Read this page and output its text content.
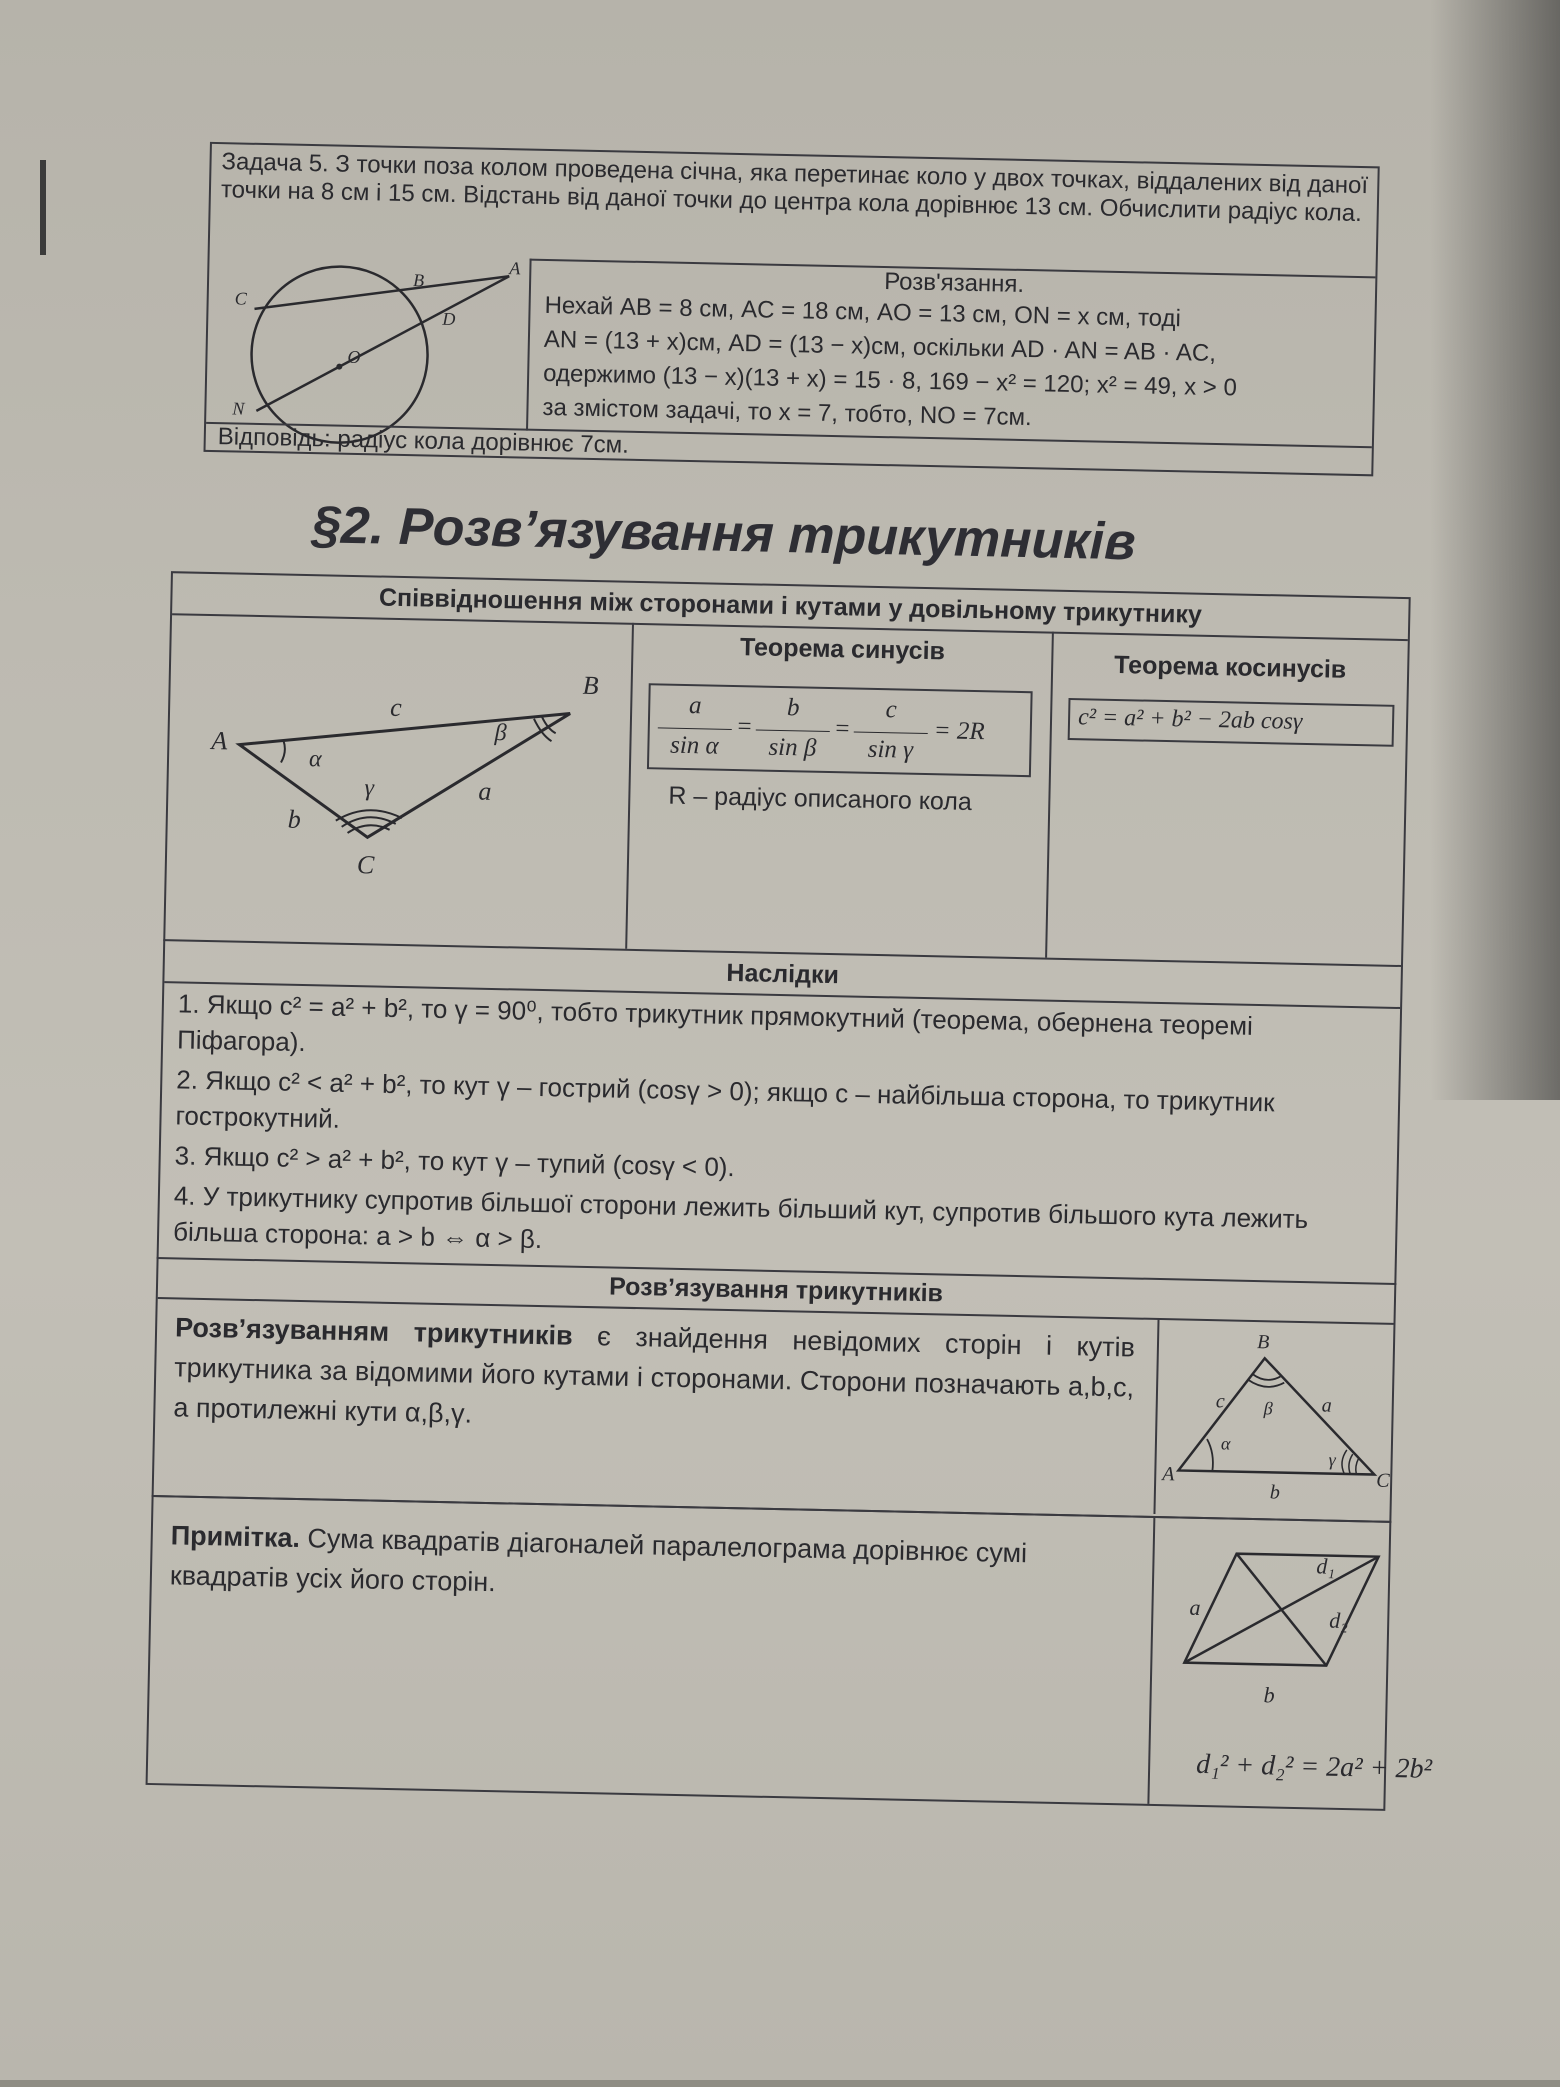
Задача 5. З точки поза колом проведена січна, яка перетинає коло у двох точках, віддалених від даної точки на 8 см і 15 см. Відстань від даної точки до центра кола дорівнює 13 см. Обчислити радіус кола.
A
B
C
D
O
N
Розв'язання.
Нехай AB = 8 см, AC = 18 см, AO = 13 см, ON = x см, тоді
AN = (13 + x)см, AD = (13 − x)см, оскільки AD · AN = AB · AC,
одержимо (13 − x)(13 + x) = 15 · 8, 169 − x² = 120; x² = 49, x > 0
за змістом задачі, то x = 7, тобто, NO = 7см.
Відповідь: радіус кола дорівнює 7см.
§2. Розв’язування трикутників
Співвідношення між сторонами і кутами у довільному трикутнику
A
B
C
c
a
b
α
β
γ
Теорема синусів
a
sin α
=
b
sin β
=
c
sin γ
= 2R
R – радіус описаного кола
Теорема косинусів
c² = a² + b² − 2ab cosγ
Наслідки
1. Якщо c² = a² + b², то γ = 90⁰, тобто трикутник прямокутний (теорема, обернена теоремі Піфагора).
2. Якщо c² < a² + b², то кут γ – гострий (cosγ > 0); якщо c – найбільша сторона, то трикутник гострокутний.
3. Якщо c² > a² + b², то кут γ – тупий (cosγ < 0).
4. У трикутнику супротив більшої сторони лежить більший кут, супротив більшого кута лежить більша сторона: a > b ⇔ α > β.
Розв’язування трикутників
Розв’язуванням трикутників є знайдення невідомих сторін і кутів трикутника за відомими його кутами і сторонами. Сторони позначають a,b,c, а протилежні кути α,β,γ.
A
B
C
a
b
c
α
β
γ
Примітка. Сума квадратів діагоналей паралелограма дорівнює сумі квадратів усіх його сторін.	d₁
d₂
a
b
d₁² + d₂² = 2a² + 2b²
